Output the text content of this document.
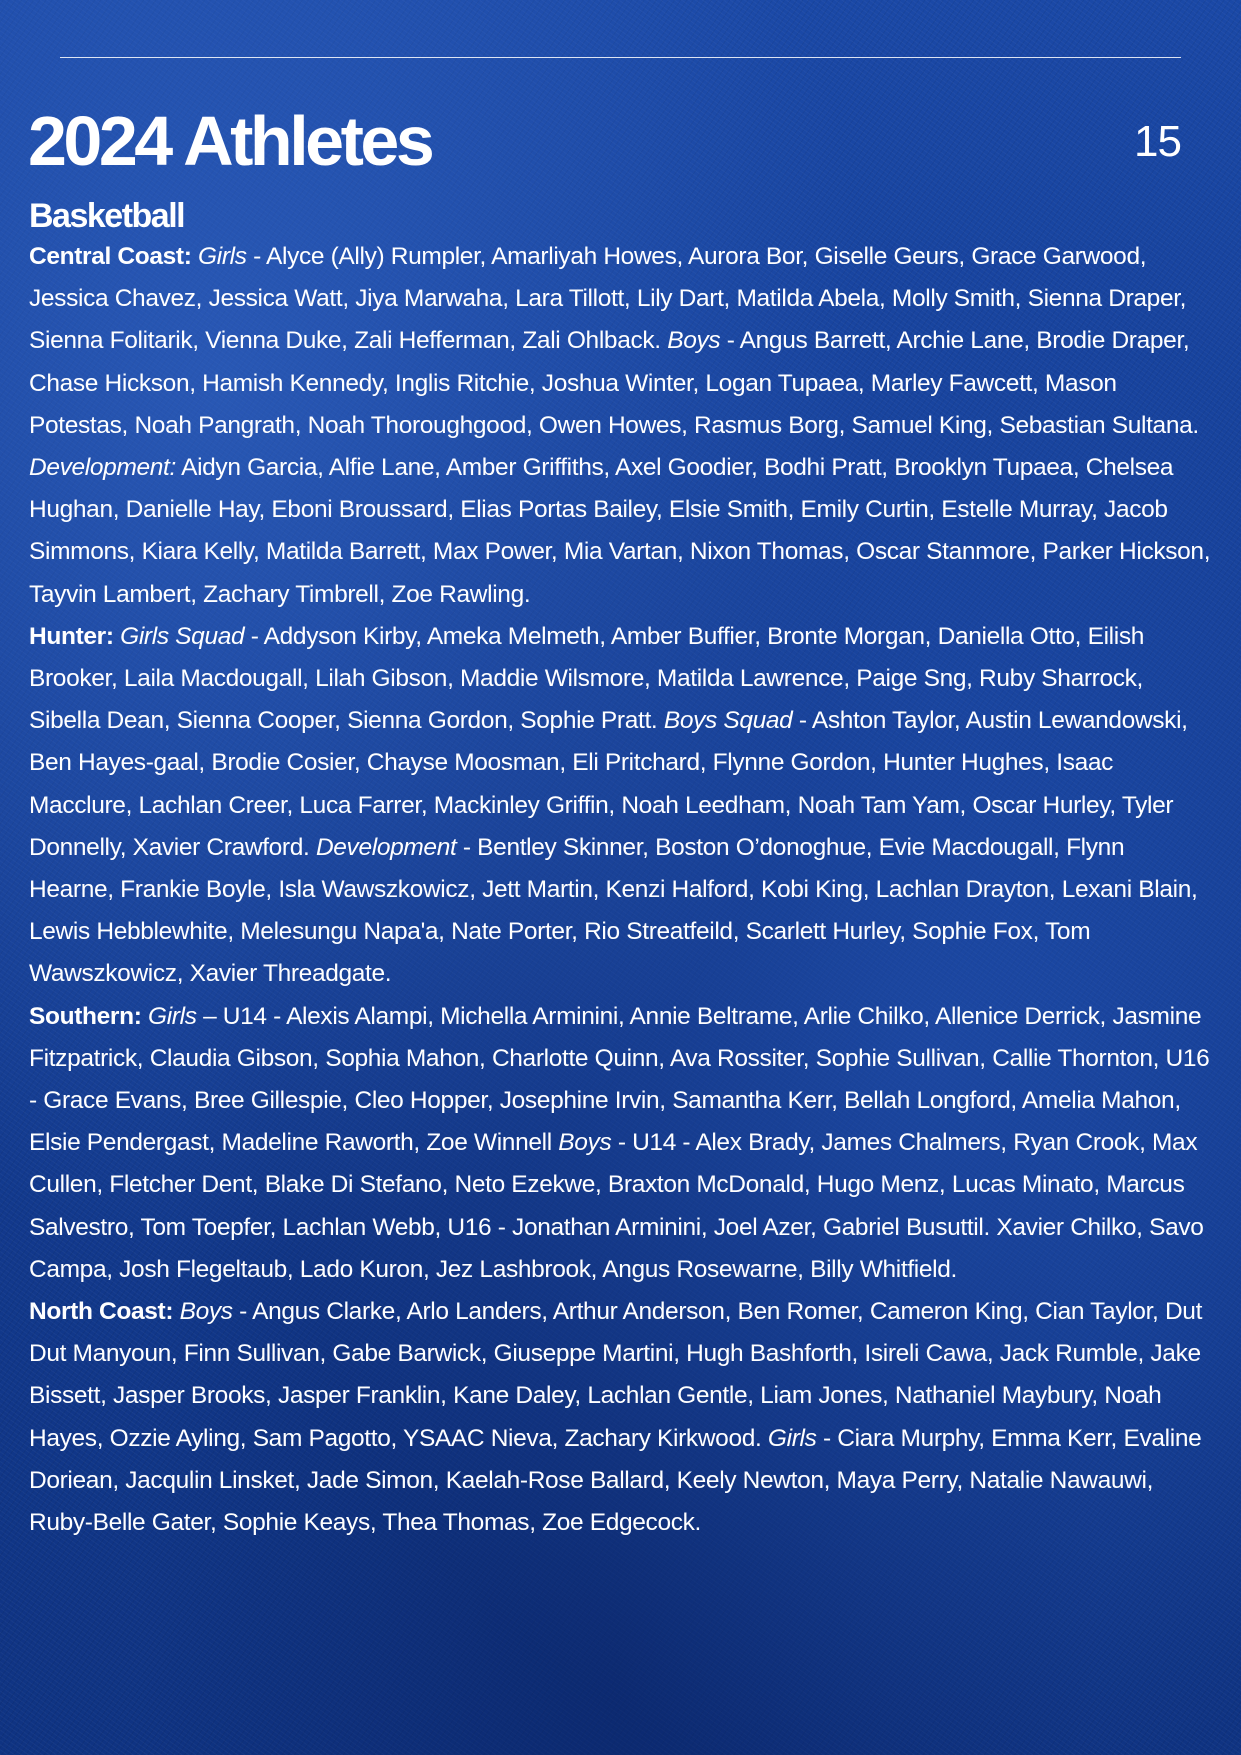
2024 Athletes	15
Basketball

Central Coast: Girls - Alyce (Ally) Rumpler, Amarliyah Howes, Aurora Bor, Giselle Geurs, Grace Garwood, Jessica Chavez, Jessica Watt, Jiya Marwaha, Lara Tillott, Lily Dart, Matilda Abela, Molly Smith, Sienna Draper, Sienna Folitarik, Vienna Duke, Zali Hefferman, Zali Ohlback. Boys - Angus Barrett, Archie Lane, Brodie Draper, Chase Hickson, Hamish Kennedy, Inglis Ritchie, Joshua Winter, Logan Tupaea, Marley Fawcett, Mason Potestas, Noah Pangrath, Noah Thoroughgood, Owen Howes, Rasmus Borg, Samuel King, Sebastian Sultana. Development: Aidyn Garcia, Alfie Lane, Amber Griffiths, Axel Goodier, Bodhi Pratt, Brooklyn Tupaea, Chelsea Hughan, Danielle Hay, Eboni Broussard, Elias Portas Bailey, Elsie Smith, Emily Curtin, Estelle Murray, Jacob Simmons, Kiara Kelly, Matilda Barrett, Max Power, Mia Vartan, Nixon Thomas, Oscar Stanmore, Parker Hickson, Tayvin Lambert, Zachary Timbrell, Zoe Rawling.

Hunter: Girls Squad - Addyson Kirby, Ameka Melmeth, Amber Buffier, Bronte Morgan, Daniella Otto, Eilish Brooker, Laila Macdougall, Lilah Gibson, Maddie Wilsmore, Matilda Lawrence, Paige Sng, Ruby Sharrock, Sibella Dean, Sienna Cooper, Sienna Gordon, Sophie Pratt. Boys Squad - Ashton Taylor, Austin Lewandowski, Ben Hayes-gaal, Brodie Cosier, Chayse Moosman, Eli Pritchard, Flynne Gordon, Hunter Hughes, Isaac Macclure, Lachlan Creer, Luca Farrer, Mackinley Griffin, Noah Leedham, Noah Tam Yam, Oscar Hurley, Tyler Donnelly, Xavier Crawford. Development - Bentley Skinner, Boston O’donoghue, Evie Macdougall, Flynn Hearne, Frankie Boyle, Isla Wawszkowicz, Jett Martin, Kenzi Halford, Kobi King, Lachlan Drayton, Lexani Blain, Lewis Hebblewhite, Melesungu Napa'a, Nate Porter, Rio Streatfeild, Scarlett Hurley, Sophie Fox, Tom Wawszkowicz, Xavier Threadgate.

Southern: Girls – U14 - Alexis Alampi, Michella Arminini, Annie Beltrame, Arlie Chilko, Allenice Derrick, Jasmine Fitzpatrick, Claudia Gibson, Sophia Mahon, Charlotte Quinn, Ava Rossiter, Sophie Sullivan, Callie Thornton, U16 - Grace Evans, Bree Gillespie, Cleo Hopper, Josephine Irvin, Samantha Kerr, Bellah Longford, Amelia Mahon, Elsie Pendergast, Madeline Raworth, Zoe Winnell Boys - U14 - Alex Brady, James Chalmers, Ryan Crook, Max Cullen, Fletcher Dent, Blake Di Stefano, Neto Ezekwe, Braxton McDonald, Hugo Menz, Lucas Minato, Marcus Salvestro, Tom Toepfer, Lachlan Webb, U16 - Jonathan Arminini, Joel Azer, Gabriel Busuttil. Xavier Chilko, Savo Campa, Josh Flegeltaub, Lado Kuron, Jez Lashbrook, Angus Rosewarne, Billy Whitfield.

North Coast: Boys - Angus Clarke, Arlo Landers, Arthur Anderson, Ben Romer, Cameron King, Cian Taylor, Dut Dut Manyoun, Finn Sullivan, Gabe Barwick, Giuseppe Martini, Hugh Bashforth, Isireli Cawa, Jack Rumble, Jake Bissett, Jasper Brooks, Jasper Franklin, Kane Daley, Lachlan Gentle, Liam Jones, Nathaniel Maybury, Noah Hayes, Ozzie Ayling, Sam Pagotto, YSAAC Nieva, Zachary Kirkwood. Girls - Ciara Murphy, Emma Kerr, Evaline Doriean, Jacqulin Linsket, Jade Simon, Kaelah-Rose Ballard, Keely Newton, Maya Perry, Natalie Nawauwi, Ruby-Belle Gater, Sophie Keays, Thea Thomas, Zoe Edgecock.
